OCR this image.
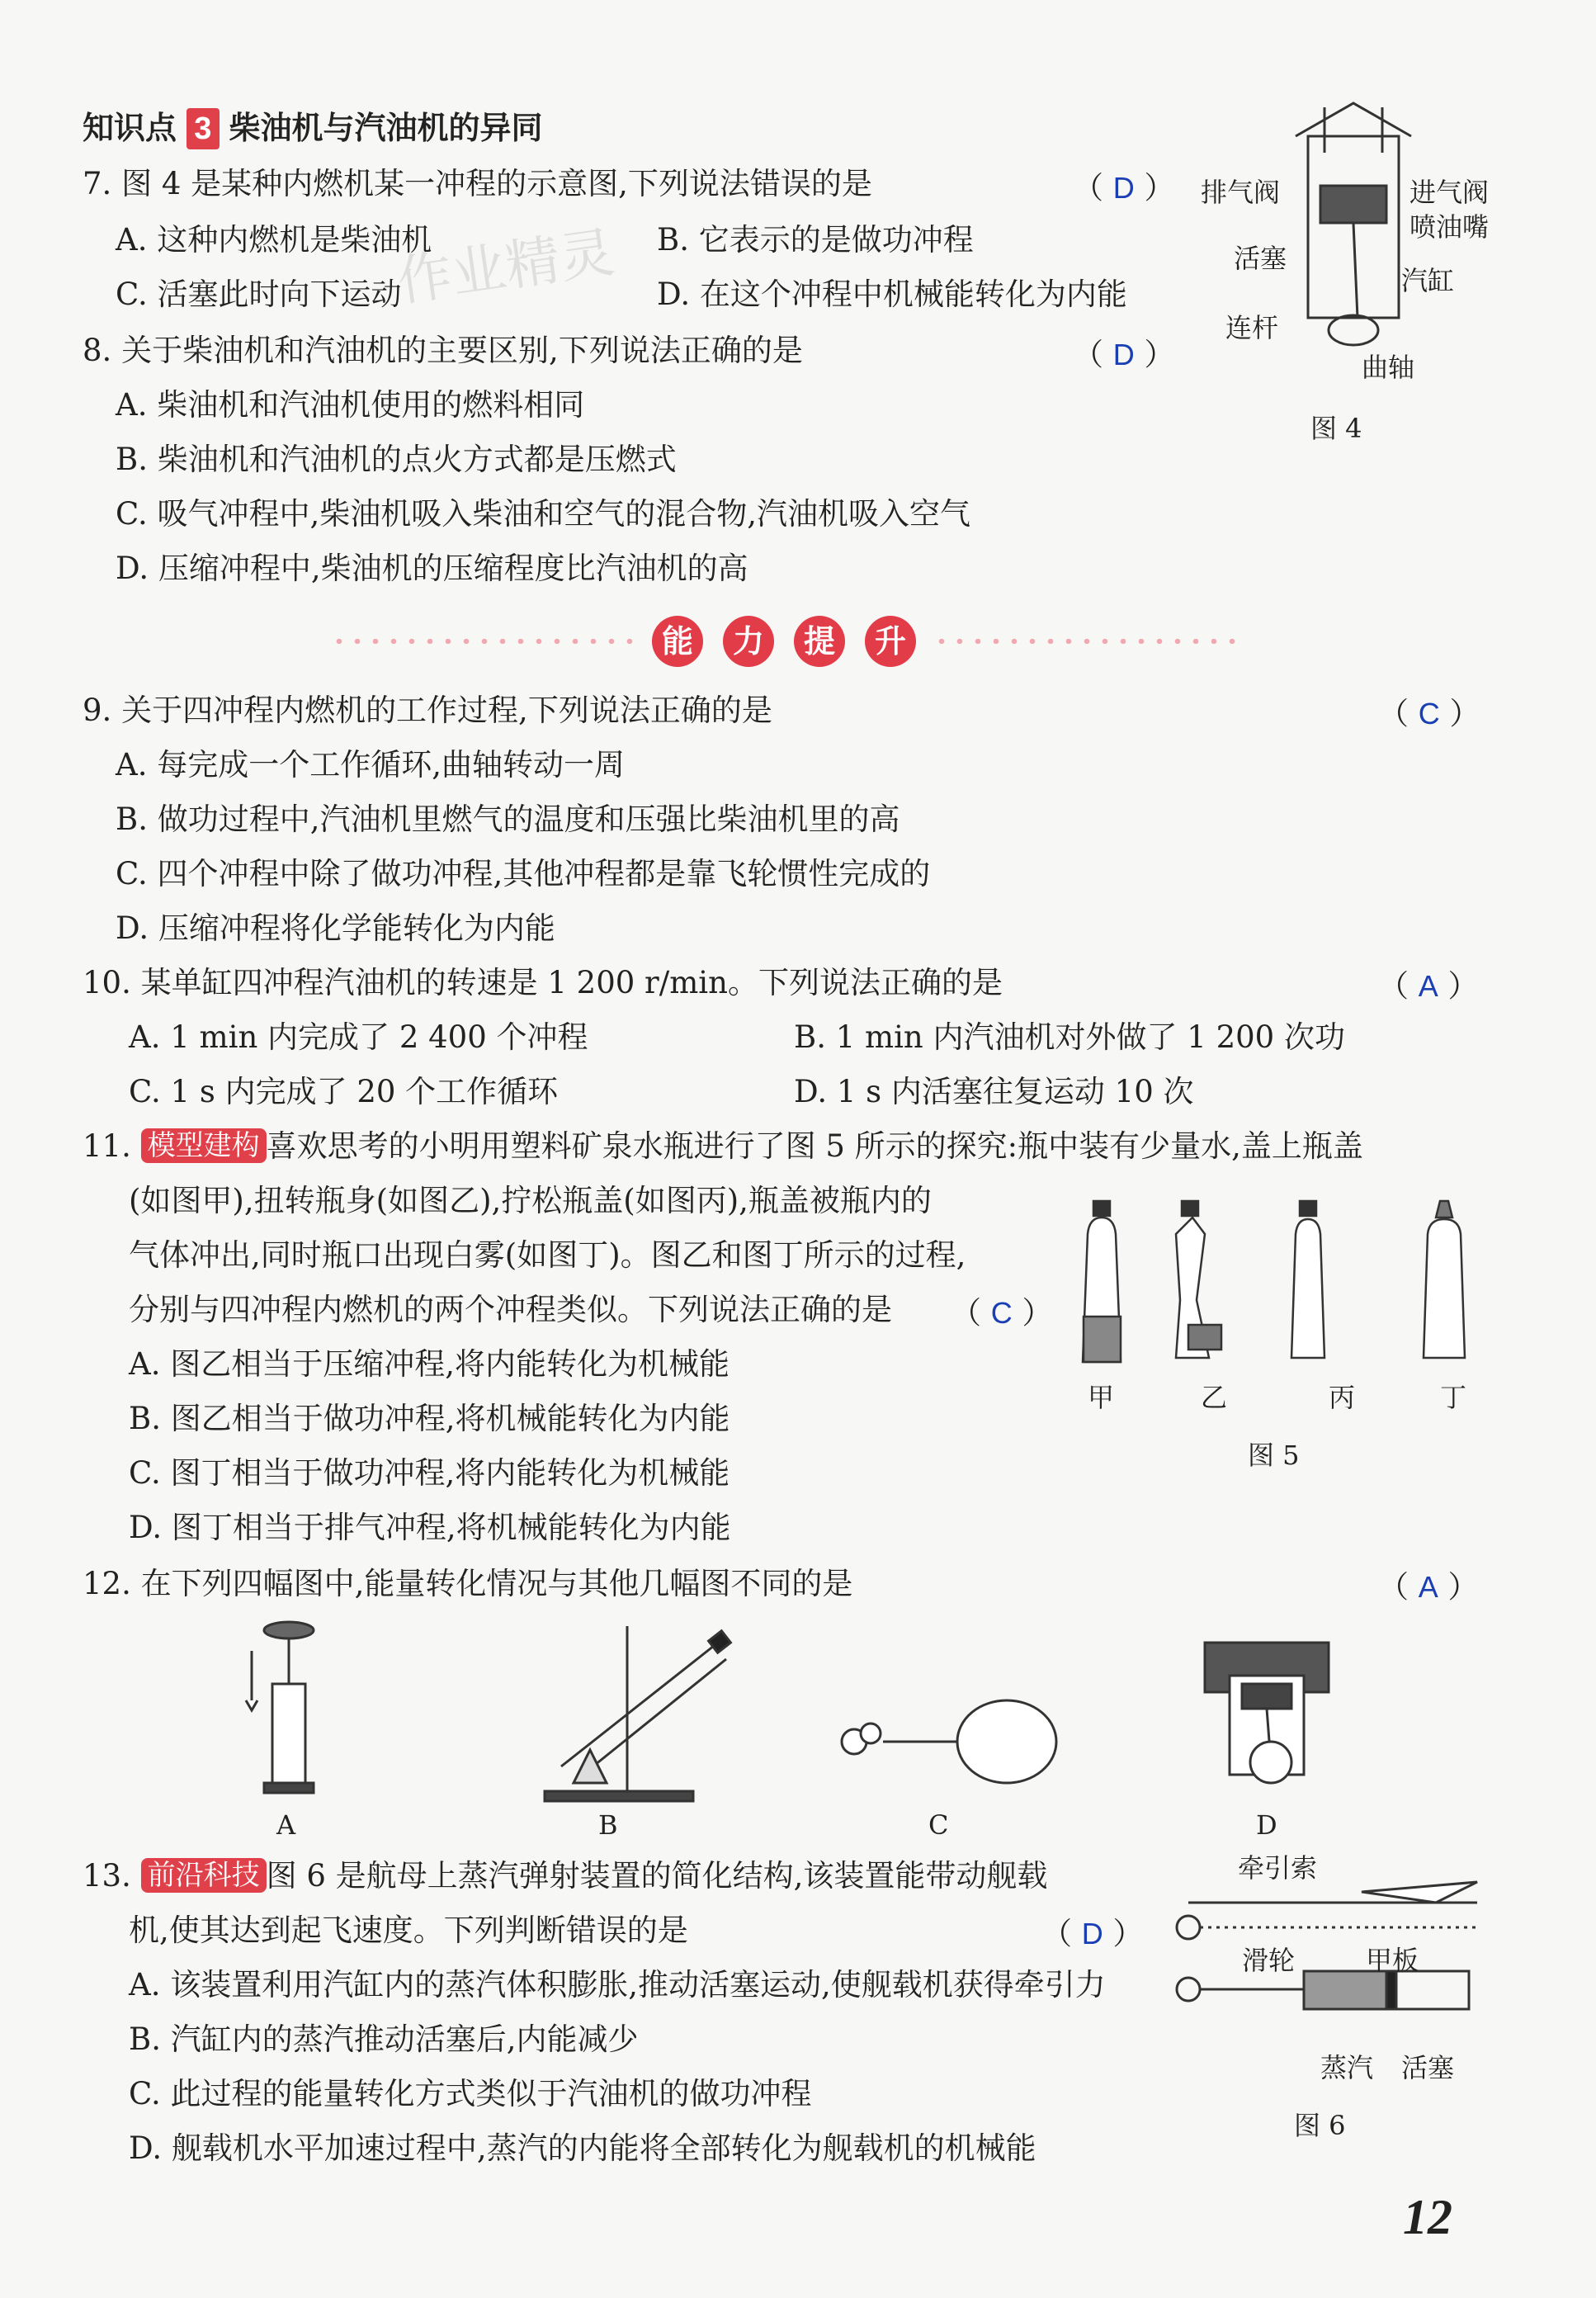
知识点 3 柴油机与汽油机的异同
作业精灵
7. 图 4 是某种内燃机某一冲程的示意图,下列说法错误的是	（ D ）
A. 这种内燃机是柴油机	B. 它表示的是做功冲程
C. 活塞此时向下运动	D. 在这个冲程中机械能转化为内能
排气阀	进气阀
喷油嘴
活塞
汽缸
连杆
曲轴
图 4
8. 关于柴油机和汽油机的主要区别,下列说法正确的是	（ D ）
A. 柴油机和汽油机使用的燃料相同
B. 柴油机和汽油机的点火方式都是压燃式
C. 吸气冲程中,柴油机吸入柴油和空气的混合物,汽油机吸入空气
D. 压缩冲程中,柴油机的压缩程度比汽油机的高
能	力	提	升
9. 关于四冲程内燃机的工作过程,下列说法正确的是	（ C ）
A. 每完成一个工作循环,曲轴转动一周
B. 做功过程中,汽油机里燃气的温度和压强比柴油机里的高
C. 四个冲程中除了做功冲程,其他冲程都是靠飞轮惯性完成的
D. 压缩冲程将化学能转化为内能
10. 某单缸四冲程汽油机的转速是 1 200 r/min。下列说法正确的是	（ A ）
A. 1 min 内完成了 2 400 个冲程	B. 1 min 内汽油机对外做了 1 200 次功
C. 1 s 内完成了 20 个工作循环	D. 1 s 内活塞往复运动 10 次
11. 模型建构 喜欢思考的小明用塑料矿泉水瓶进行了图 5 所示的探究:瓶中装有少量水,盖上瓶盖
(如图甲),扭转瓶身(如图乙),拧松瓶盖(如图丙),瓶盖被瓶内的
气体冲出,同时瓶口出现白雾(如图丁)。图乙和图丁所示的过程,
分别与四冲程内燃机的两个冲程类似。下列说法正确的是 （ C ）
A. 图乙相当于压缩冲程,将内能转化为机械能
B. 图乙相当于做功冲程,将机械能转化为内能
C. 图丁相当于做功冲程,将内能转化为机械能
D. 图丁相当于排气冲程,将机械能转化为内能
甲	乙	丙	丁
图 5
12. 在下列四幅图中,能量转化情况与其他几幅图不同的是	（ A ）
A	B	C	D
13. 前沿科技 图 6 是航母上蒸汽弹射装置的简化结构,该装置能带动舰载
机,使其达到起飞速度。下列判断错误的是	（ D ）
A. 该装置利用汽缸内的蒸汽体积膨胀,推动活塞运动,使舰载机获得牵引力
B. 汽缸内的蒸汽推动活塞后,内能减少
C. 此过程的能量转化方式类似于汽油机的做功冲程
D. 舰载机水平加速过程中,蒸汽的内能将全部转化为舰载机的机械能
牵引索
滑轮	甲板
蒸汽 活塞
图 6
12
